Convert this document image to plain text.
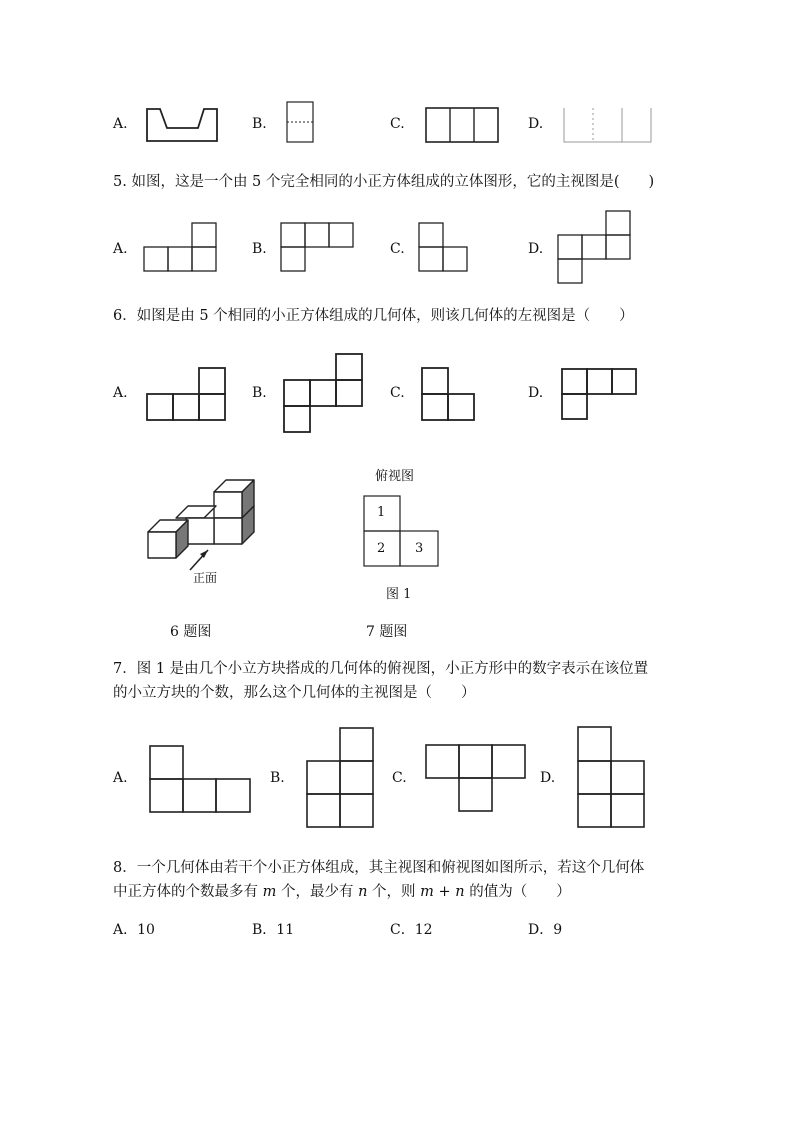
A.	B.	C.	D.
5. 如图，这是一个由 5 个完全相同的小正方体组成的立体图形，它的主视图是(　　)
A.	B.	C.	D.
6．如图是由 5 个相同的小正方体组成的几何体，则该几何体的左视图是（　　）
A.	B.	C.	D.
正面
俯视图
1
2 3
图 1
6 题图	7 题图
7．图 1 是由几个小立方块搭成的几何体的俯视图，小正方形中的数字表示在该位置
的小立方块的个数，那么这个几何体的主视图是（　　）
A.	B.	C.	D.
8．一个几何体由若干个小正方体组成，其主视图和俯视图如图所示，若这个几何体
中正方体的个数最多有 m 个，最少有 n 个，则 m + n 的值为（　　）
A．10	B．11	C．12	D．9
